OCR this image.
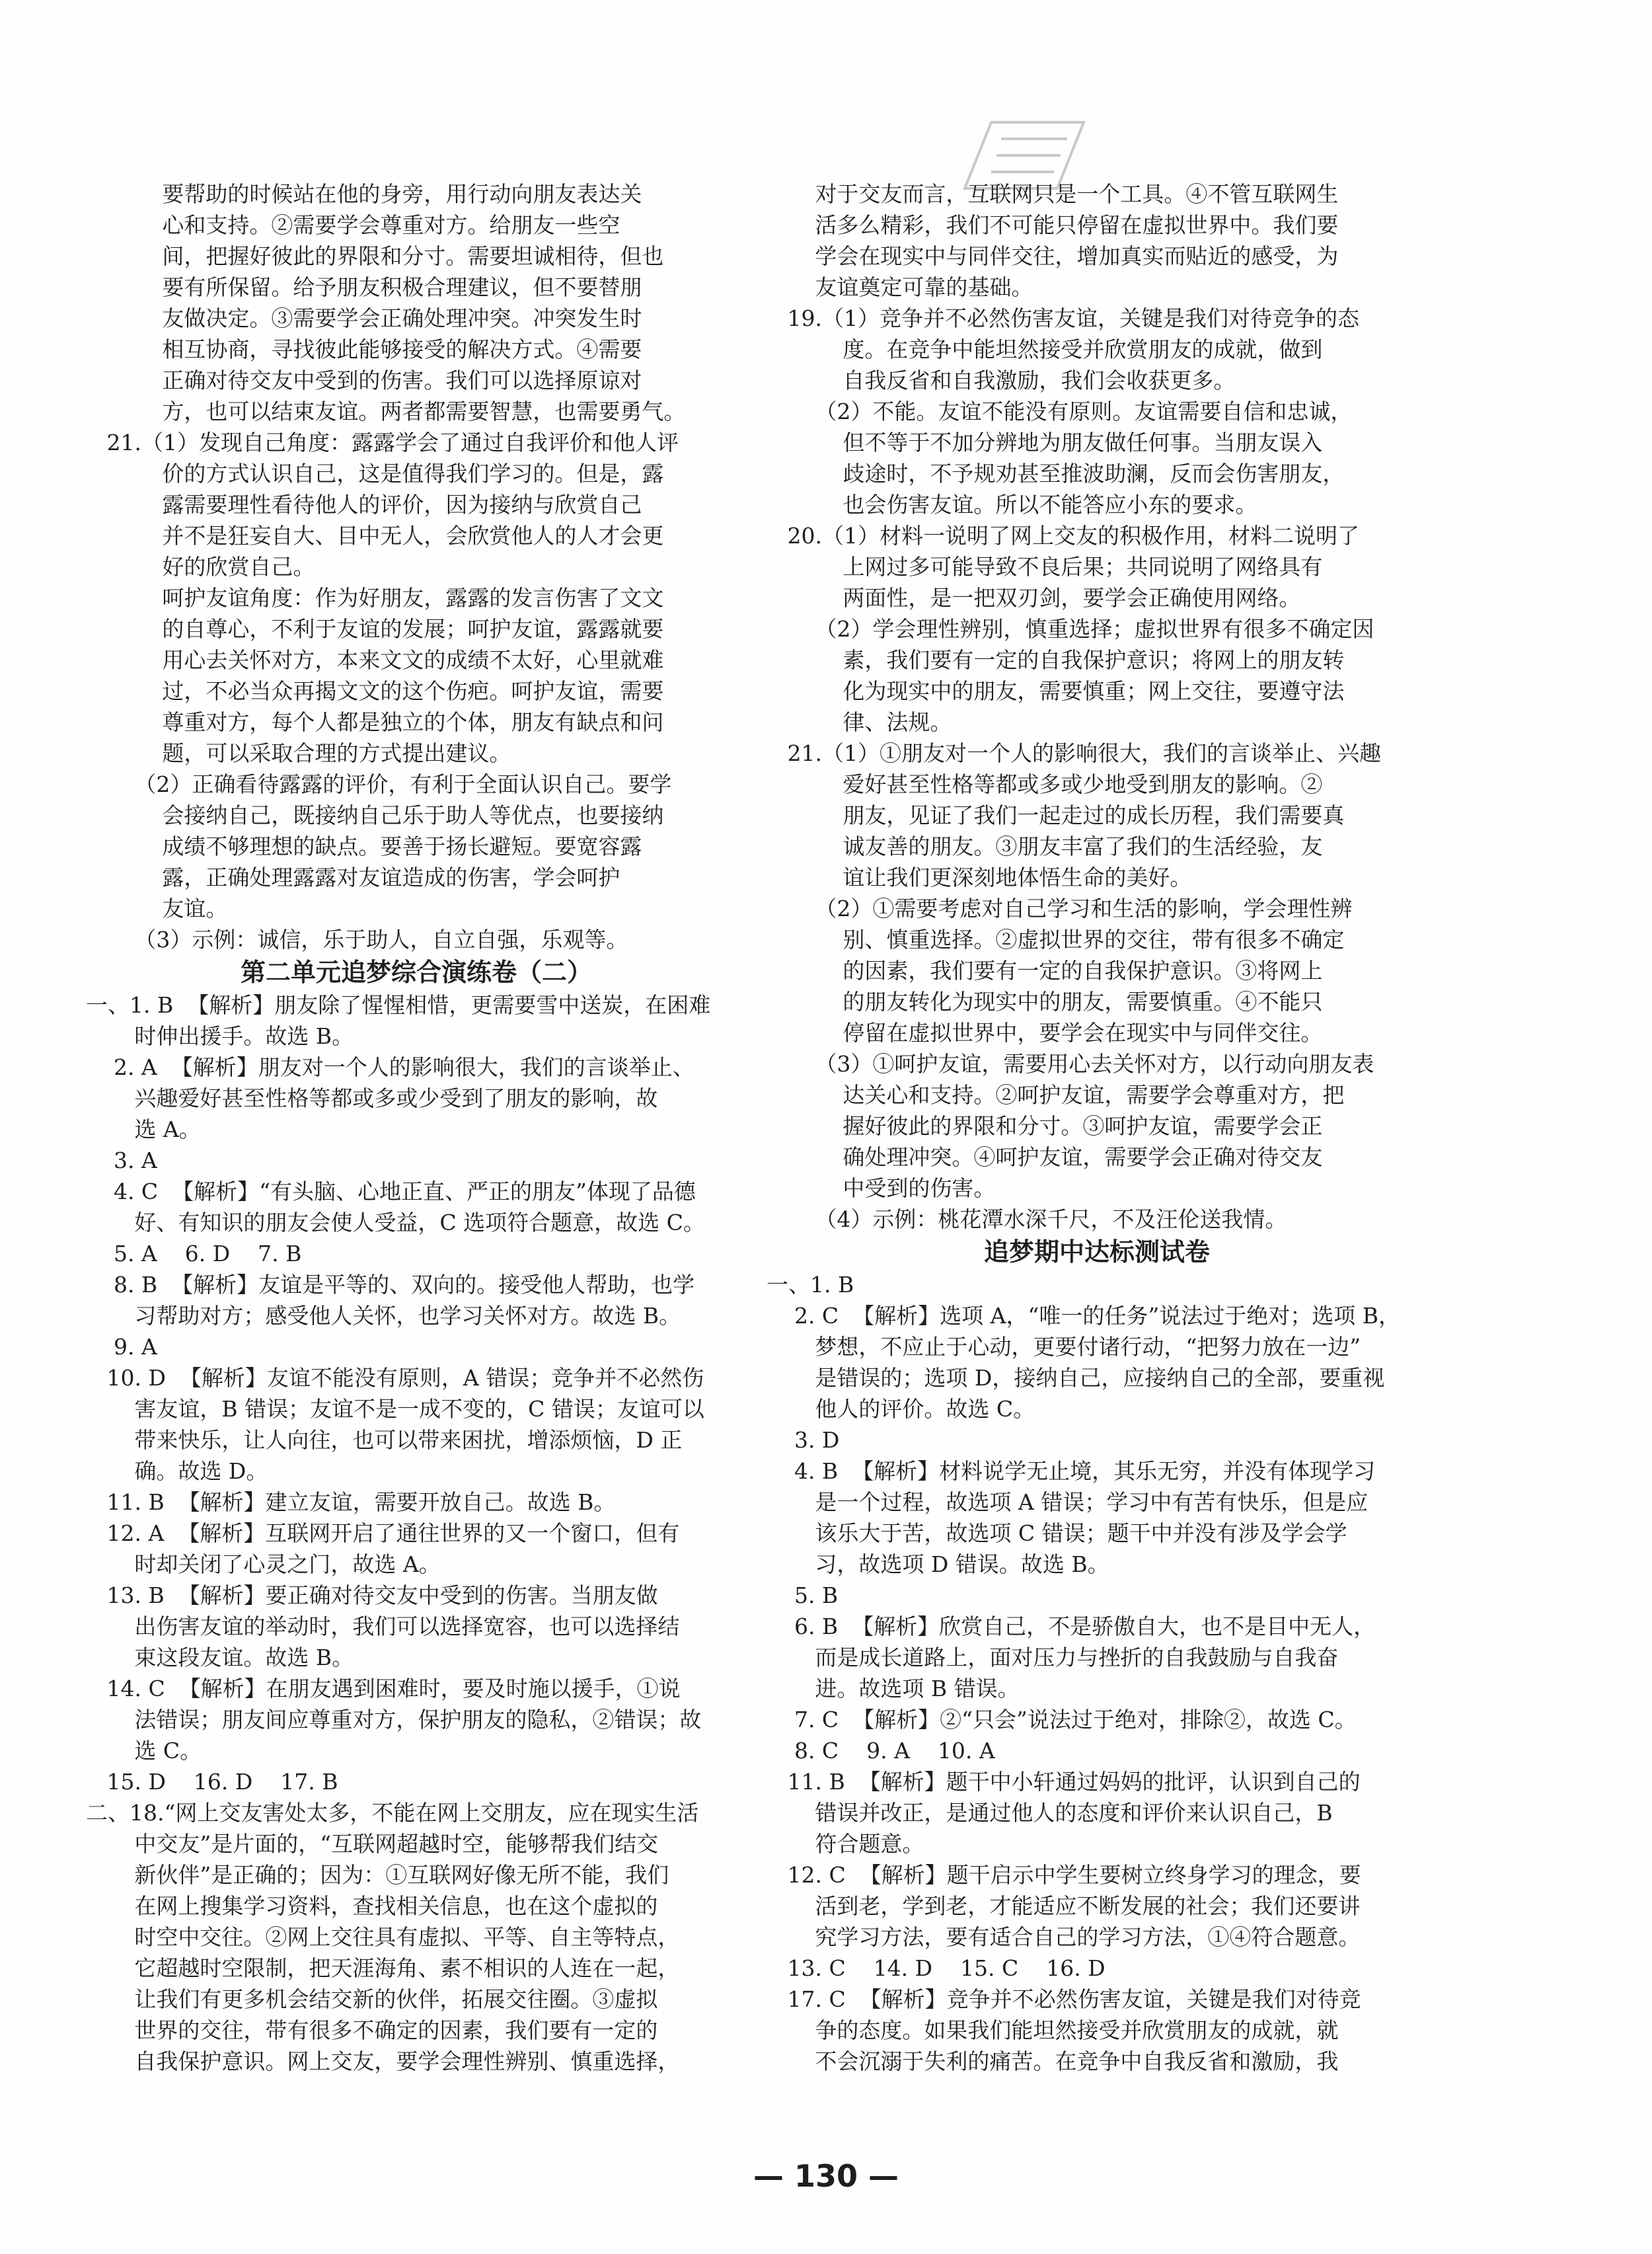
要帮助的时候站在他的身旁，用行动向朋友表达关
心和支持。②需要学会尊重对方。给朋友一些空
间，把握好彼此的界限和分寸。需要坦诚相待，但也
要有所保留。给予朋友积极合理建议，但不要替朋
友做决定。③需要学会正确处理冲突。冲突发生时
相互协商，寻找彼此能够接受的解决方式。④需要
正确对待交友中受到的伤害。我们可以选择原谅对
方，也可以结束友谊。两者都需要智慧，也需要勇气。
21.（1）发现自己角度：露露学会了通过自我评价和他人评
价的方式认识自己，这是值得我们学习的。但是，露
露需要理性看待他人的评价，因为接纳与欣赏自己
并不是狂妄自大、目中无人，会欣赏他人的人才会更
好的欣赏自己。
呵护友谊角度：作为好朋友，露露的发言伤害了文文
的自尊心，不利于友谊的发展；呵护友谊，露露就要
用心去关怀对方，本来文文的成绩不太好，心里就难
过，不必当众再揭文文的这个伤疤。呵护友谊，需要
尊重对方，每个人都是独立的个体，朋友有缺点和问
题，可以采取合理的方式提出建议。
（2）正确看待露露的评价，有利于全面认识自己。要学
会接纳自己，既接纳自己乐于助人等优点，也要接纳
成绩不够理想的缺点。要善于扬长避短。要宽容露
露，正确处理露露对友谊造成的伤害，学会呵护
友谊。
（3）示例：诚信，乐于助人，自立自强，乐观等。
第二单元追梦综合演练卷（二）
一、1. B  【解析】朋友除了惺惺相惜，更需要雪中送炭，在困难
时伸出援手。故选 B。
2. A  【解析】朋友对一个人的影响很大，我们的言谈举止、
兴趣爱好甚至性格等都或多或少受到了朋友的影响，故
选 A。
3. A
4. C  【解析】“有头脑、心地正直、严正的朋友”体现了品德
好、有知识的朋友会使人受益，C 选项符合题意，故选 C。
5. A    6. D    7. B
8. B  【解析】友谊是平等的、双向的。接受他人帮助，也学
习帮助对方；感受他人关怀，也学习关怀对方。故选 B。
9. A
10. D  【解析】友谊不能没有原则，A 错误；竞争并不必然伤
害友谊，B 错误；友谊不是一成不变的，C 错误；友谊可以
带来快乐，让人向往，也可以带来困扰，增添烦恼，D 正
确。故选 D。
11. B  【解析】建立友谊，需要开放自己。故选 B。
12. A  【解析】互联网开启了通往世界的又一个窗口，但有
时却关闭了心灵之门，故选 A。
13. B  【解析】要正确对待交友中受到的伤害。当朋友做
出伤害友谊的举动时，我们可以选择宽容，也可以选择结
束这段友谊。故选 B。
14. C  【解析】在朋友遇到困难时，要及时施以援手，①说
法错误；朋友间应尊重对方，保护朋友的隐私，②错误；故
选 C。
15. D    16. D    17. B
二、18.“网上交友害处太多，不能在网上交朋友，应在现实生活
中交友”是片面的，“互联网超越时空，能够帮我们结交
新伙伴”是正确的；因为：①互联网好像无所不能，我们
在网上搜集学习资料，查找相关信息，也在这个虚拟的
时空中交往。②网上交往具有虚拟、平等、自主等特点，
它超越时空限制，把天涯海角、素不相识的人连在一起，
让我们有更多机会结交新的伙伴，拓展交往圈。③虚拟
世界的交往，带有很多不确定的因素，我们要有一定的
自我保护意识。网上交友，要学会理性辨别、慎重选择，
对于交友而言，互联网只是一个工具。④不管互联网生
活多么精彩，我们不可能只停留在虚拟世界中。我们要
学会在现实中与同伴交往，增加真实而贴近的感受，为
友谊奠定可靠的基础。
19.（1）竞争并不必然伤害友谊，关键是我们对待竞争的态
度。在竞争中能坦然接受并欣赏朋友的成就，做到
自我反省和自我激励，我们会收获更多。
（2）不能。友谊不能没有原则。友谊需要自信和忠诚，
但不等于不加分辨地为朋友做任何事。当朋友误入
歧途时，不予规劝甚至推波助澜，反而会伤害朋友，
也会伤害友谊。所以不能答应小东的要求。
20.（1）材料一说明了网上交友的积极作用，材料二说明了
上网过多可能导致不良后果；共同说明了网络具有
两面性，是一把双刃剑，要学会正确使用网络。
（2）学会理性辨别，慎重选择；虚拟世界有很多不确定因
素，我们要有一定的自我保护意识；将网上的朋友转
化为现实中的朋友，需要慎重；网上交往，要遵守法
律、法规。
21.（1）①朋友对一个人的影响很大，我们的言谈举止、兴趣
爱好甚至性格等都或多或少地受到朋友的影响。②
朋友，见证了我们一起走过的成长历程，我们需要真
诚友善的朋友。③朋友丰富了我们的生活经验，友
谊让我们更深刻地体悟生命的美好。
（2）①需要考虑对自己学习和生活的影响，学会理性辨
别、慎重选择。②虚拟世界的交往，带有很多不确定
的因素，我们要有一定的自我保护意识。③将网上
的朋友转化为现实中的朋友，需要慎重。④不能只
停留在虚拟世界中，要学会在现实中与同伴交往。
（3）①呵护友谊，需要用心去关怀对方，以行动向朋友表
达关心和支持。②呵护友谊，需要学会尊重对方，把
握好彼此的界限和分寸。③呵护友谊，需要学会正
确处理冲突。④呵护友谊，需要学会正确对待交友
中受到的伤害。
（4）示例：桃花潭水深千尺，不及汪伦送我情。
追梦期中达标测试卷
一、1. B
2. C  【解析】选项 A，“唯一的任务”说法过于绝对；选项 B，
梦想，不应止于心动，更要付诸行动，“把努力放在一边”
是错误的；选项 D，接纳自己，应接纳自己的全部，要重视
他人的评价。故选 C。
3. D
4. B  【解析】材料说学无止境，其乐无穷，并没有体现学习
是一个过程，故选项 A 错误；学习中有苦有快乐，但是应
该乐大于苦，故选项 C 错误；题干中并没有涉及学会学
习，故选项 D 错误。故选 B。
5. B
6. B  【解析】欣赏自己，不是骄傲自大，也不是目中无人，
而是成长道路上，面对压力与挫折的自我鼓励与自我奋
进。故选项 B 错误。
7. C  【解析】②“只会”说法过于绝对，排除②，故选 C。
8. C    9. A    10. A
11. B  【解析】题干中小轩通过妈妈的批评，认识到自己的
错误并改正，是通过他人的态度和评价来认识自己，B
符合题意。
12. C  【解析】题干启示中学生要树立终身学习的理念，要
活到老，学到老，才能适应不断发展的社会；我们还要讲
究学习方法，要有适合自己的学习方法，①④符合题意。
13. C    14. D    15. C    16. D
17. C  【解析】竞争并不必然伤害友谊，关键是我们对待竞
争的态度。如果我们能坦然接受并欣赏朋友的成就，就
不会沉溺于失利的痛苦。在竞争中自我反省和激励，我
— 130 —
